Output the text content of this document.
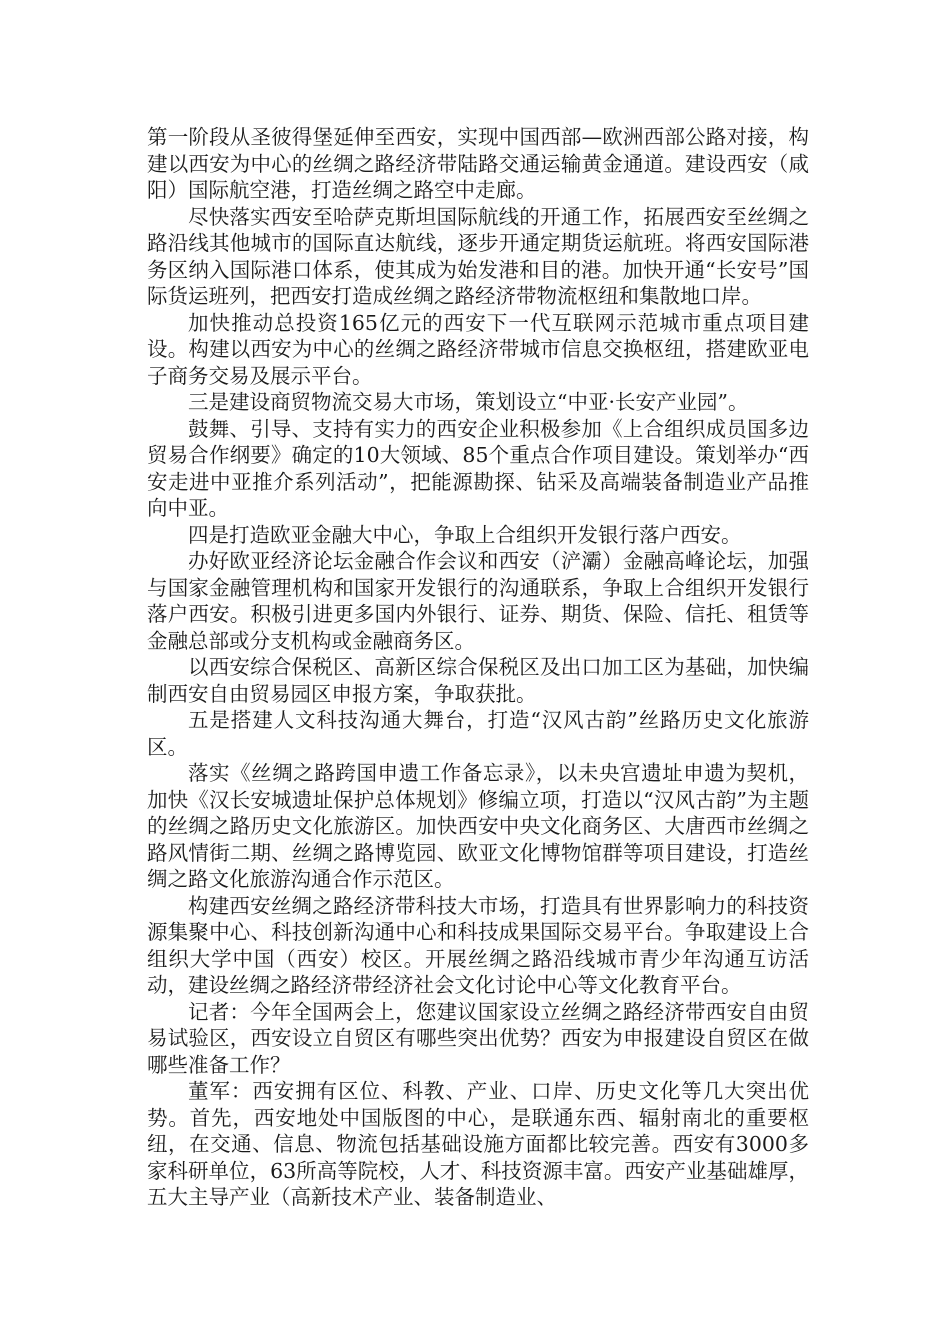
第一阶段从圣彼得堡延伸至西安，实现中国西部—欧洲西部公路对接，构建以西安为中心的丝绸之路经济带陆路交通运输黄金通道。建设西安（咸阳）国际航空港，打造丝绸之路空中走廊。

尽快落实西安至哈萨克斯坦国际航线的开通工作，拓展西安至丝绸之路沿线其他城市的国际直达航线，逐步开通定期货运航班。将西安国际港务区纳入国际港口体系，使其成为始发港和目的港。加快开通“长安号”国际货运班列，把西安打造成丝绸之路经济带物流枢纽和集散地口岸。

加快推动总投资165亿元的西安下一代互联网示范城市重点项目建设。构建以西安为中心的丝绸之路经济带城市信息交换枢纽，搭建欧亚电子商务交易及展示平台。

三是建设商贸物流交易大市场，策划设立“中亚·长安产业园”。

鼓舞、引导、支持有实力的西安企业积极参加《上合组织成员国多边贸易合作纲要》确定的10大领域、85个重点合作项目建设。策划举办“西安走进中亚推介系列活动”，把能源勘探、钻采及高端装备制造业产品推向中亚。

四是打造欧亚金融大中心，争取上合组织开发银行落户西安。

办好欧亚经济论坛金融合作会议和西安（浐灞）金融高峰论坛，加强与国家金融管理机构和国家开发银行的沟通联系，争取上合组织开发银行落户西安。积极引进更多国内外银行、证券、期货、保险、信托、租赁等金融总部或分支机构或金融商务区。

以西安综合保税区、高新区综合保税区及出口加工区为基础，加快编制西安自由贸易园区申报方案，争取获批。

五是搭建人文科技沟通大舞台，打造“汉风古韵”丝路历史文化旅游区。

落实《丝绸之路跨国申遗工作备忘录》，以未央宫遗址申遗为契机，加快《汉长安城遗址保护总体规划》修编立项，打造以“汉风古韵”为主题的丝绸之路历史文化旅游区。加快西安中央文化商务区、大唐西市丝绸之路风情街二期、丝绸之路博览园、欧亚文化博物馆群等项目建设，打造丝绸之路文化旅游沟通合作示范区。

构建西安丝绸之路经济带科技大市场，打造具有世界影响力的科技资源集聚中心、科技创新沟通中心和科技成果国际交易平台。争取建设上合组织大学中国（西安）校区。开展丝绸之路沿线城市青少年沟通互访活动，建设丝绸之路经济带经济社会文化讨论中心等文化教育平台。

记者：今年全国两会上，您建议国家设立丝绸之路经济带西安自由贸易试验区，西安设立自贸区有哪些突出优势？西安为申报建设自贸区在做哪些准备工作？

董军：西安拥有区位、科教、产业、口岸、历史文化等几大突出优势。首先，西安地处中国版图的中心，是联通东西、辐射南北的重要枢纽，在交通、信息、物流包括基础设施方面都比较完善。西安有3000多家科研单位，63所高等院校，人才、科技资源丰富。西安产业基础雄厚，五大主导产业（高新技术产业、装备制造业、
